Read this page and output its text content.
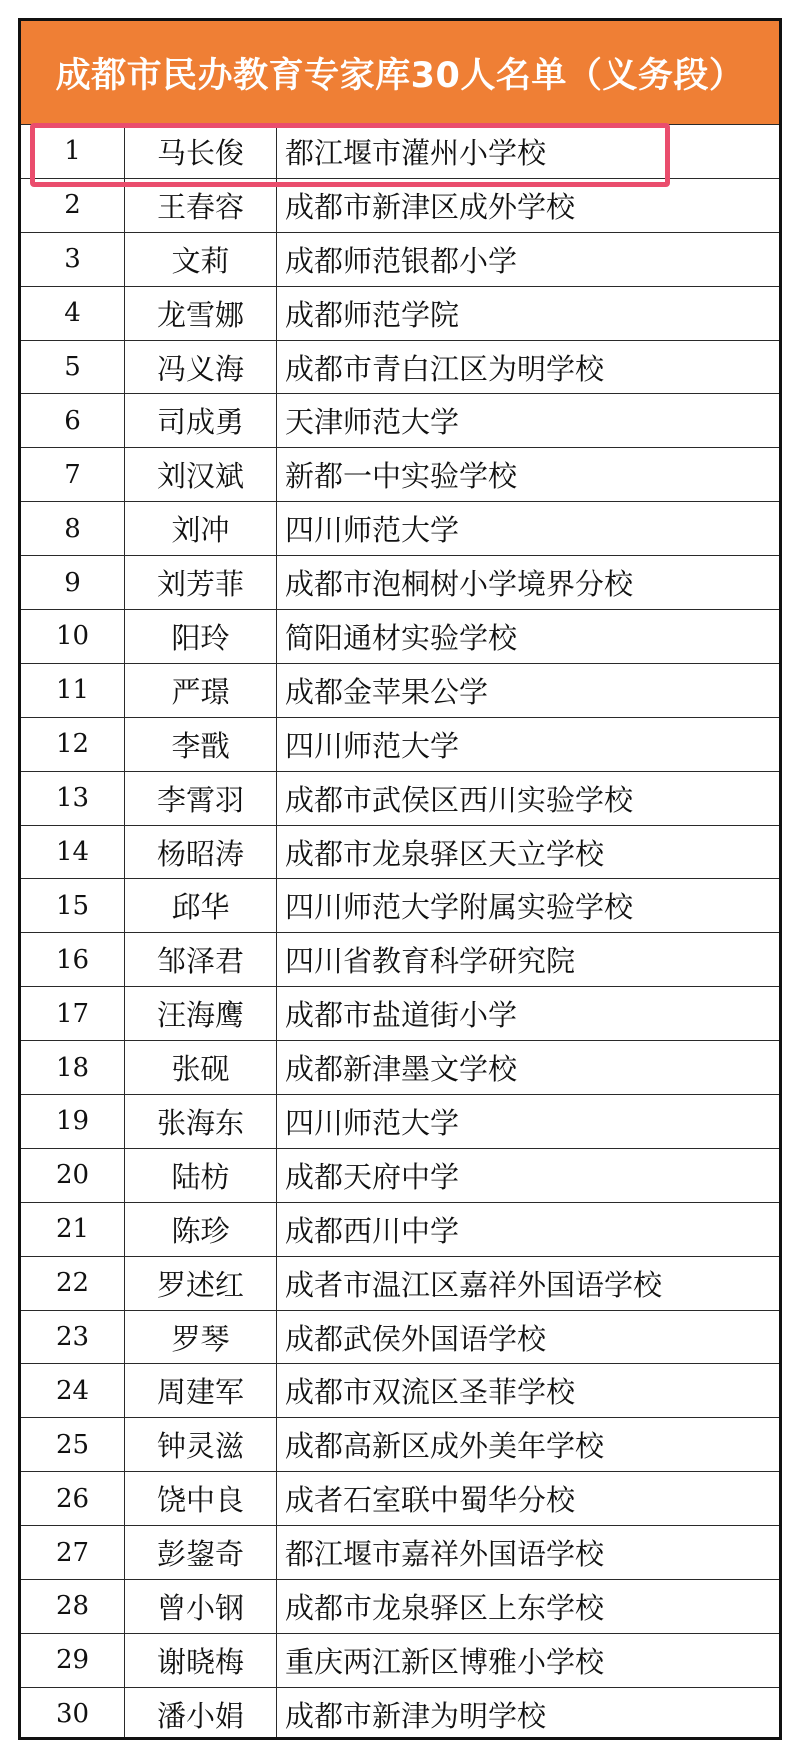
成都市民办教育专家库30人名单（义务段）
1	马长俊	都江堰市灌州小学校
2	王春容	成都市新津区成外学校
3	文莉	成都师范银都小学
4	龙雪娜	成都师范学院
5	冯义海	成都市青白江区为明学校
6	司成勇	天津师范大学
7	刘汉斌	新都一中实验学校
8	刘冲	四川师范大学
9	刘芳菲	成都市泡桐树小学境界分校
10	阳玲	简阳通材实验学校
11	严璟	成都金苹果公学
12	李戬	四川师范大学
13	李霄羽	成都市武侯区西川实验学校
14	杨昭涛	成都市龙泉驿区天立学校
15	邱华	四川师范大学附属实验学校
16	邹泽君	四川省教育科学研究院
17	汪海鹰	成都市盐道街小学
18	张砚	成都新津墨文学校
19	张海东	四川师范大学
20	陆枋	成都天府中学
21	陈珍	成都西川中学
22	罗述红	成者市温江区嘉祥外国语学校
23	罗琴	成都武侯外国语学校
24	周建军	成都市双流区圣菲学校
25	钟灵滋	成都高新区成外美年学校
26	饶中良	成者石室联中蜀华分校
27	彭鋆奇	都江堰市嘉祥外国语学校
28	曾小钢	成都市龙泉驿区上东学校
29	谢晓梅	重庆两江新区博雅小学校
30	潘小娟	成都市新津为明学校
